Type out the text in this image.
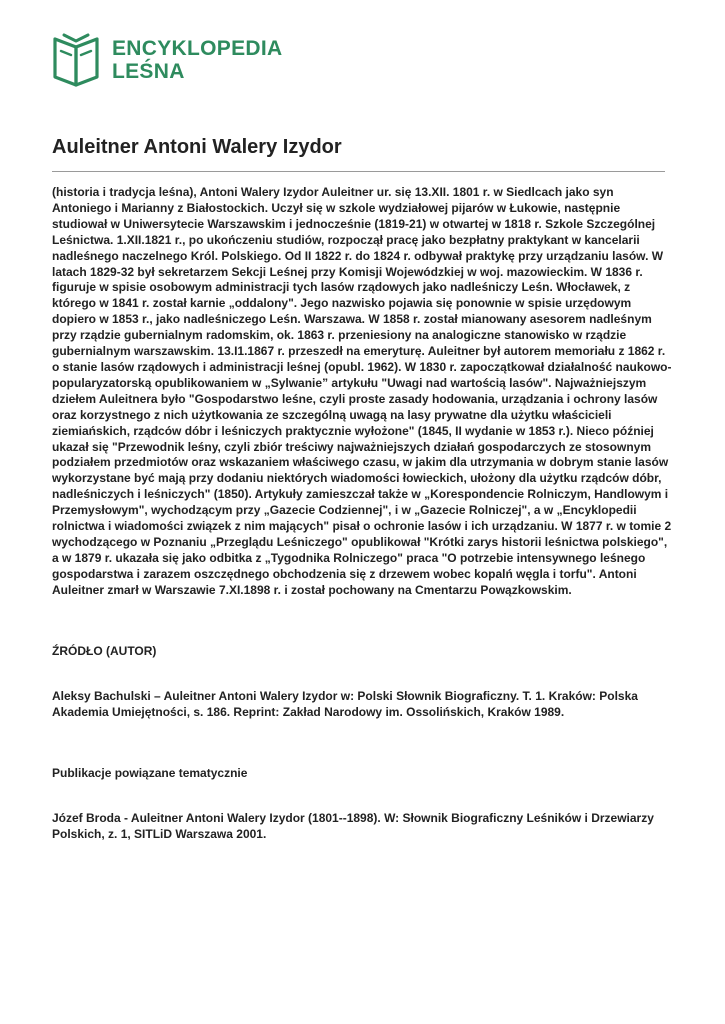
ENCYKLOPEDIA
LEŚNA
Auleitner Antoni Walery Izydor

(historia i tradycja leśna), Antoni Walery Izydor Auleitner ur. się 13.XII. 1801 r. w Siedlcach jako syn Antoniego i Marianny z Białostockich. Uczył się w szkole wydziałowej pijarów w Łukowie, następnie studiował w Uniwersytecie Warszawskim i jednocześnie (1819-21) w otwartej w 1818 r. Szkole Szczególnej Leśnictwa. 1.XII.1821 r., po ukończeniu studiów, rozpoczął pracę jako bezpłatny praktykant w kancelarii nadleśnego naczelnego Król. Polskiego. Od II 1822 r. do 1824 r. odbywał praktykę przy urządzaniu lasów. W latach 1829-32 był sekretarzem Sekcji Leśnej przy Komisji Wojewódzkiej w woj. mazowieckim. W 1836 r. figuruje w spisie osobowym administracji tych lasów rządowych jako nadleśniczy Leśn. Włocławek, z którego w 1841 r. został karnie „oddalony". Jego nazwisko pojawia się ponownie w spisie urzędowym dopiero w 1853 r., jako nadleśniczego Leśn. Warszawa. W 1858 r. został mianowany asesorem nadleśnym przy rządzie gubernialnym radomskim, ok. 1863 r. przeniesiony na analogiczne stanowisko w rządzie gubernialnym warszawskim. 13.I1.1867 r. przeszedł na emeryturę. Auleitner był autorem memoriału z 1862 r. o stanie lasów rządowych i administracji leśnej (opubl. 1962). W 1830 r. zapoczątkował działalność naukowo-popularyzatorską opublikowaniem w „Sylwanie” artykułu "Uwagi nad wartością lasów". Najważniejszym dziełem Auleitnera było "Gospodarstwo leśne, czyli proste zasady hodowania, urządzania i ochrony lasów oraz korzystnego z nich użytkowania ze szczególną uwagą na lasy prywatne dla użytku właścicieli ziemiańskich, rządców dóbr i leśniczych praktycznie wyłożone" (1845, II wydanie w 1853 r.). Nieco później ukazał się "Przewodnik leśny, czyli zbiór treściwy najważniejszych działań gospodarczych ze stosownym podziałem przedmiotów oraz wskazaniem właściwego czasu, w jakim dla utrzymania w dobrym stanie lasów wykorzystane być mają przy dodaniu niektórych wiadomości łowieckich, ułożony dla użytku rządców dóbr, nadleśniczych i leśniczych" (1850). Artykuły zamieszczał także w „Korespondencie Rolniczym, Handlowym i Przemysłowym", wychodzącym przy „Gazecie Codziennej", i w „Gazecie Rolniczej", a w „Encyklopedii rolnictwa i wiadomości związek z nim mających" pisał o ochronie lasów i ich urządzaniu. W 1877 r. w tomie 2 wychodzącego w Poznaniu „Przeglądu Leśniczego" opublikował "Krótki zarys historii leśnictwa polskiego", a w 1879 r. ukazała się jako odbitka z „Tygodnika Rolniczego" praca "O potrzebie intensywnego leśnego gospodarstwa i zarazem oszczędnego obchodzenia się z drzewem wobec kopalń węgla i torfu". Antoni Auleitner zmarł w Warszawie 7.XI.1898 r. i został pochowany na Cmentarzu Powązkowskim.

ŹRÓDŁO (AUTOR)

Aleksy Bachulski – Auleitner Antoni Walery Izydor w: Polski Słownik Biograficzny. T. 1. Kraków: Polska Akademia Umiejętności, s. 186. Reprint: Zakład Narodowy im. Ossolińskich, Kraków 1989.

Publikacje powiązane tematycznie

Józef Broda - Auleitner Antoni Walery Izydor (1801--1898). W: Słownik Biograficzny Leśników i Drzewiarzy Polskich, z. 1, SITLiD Warszawa 2001.
